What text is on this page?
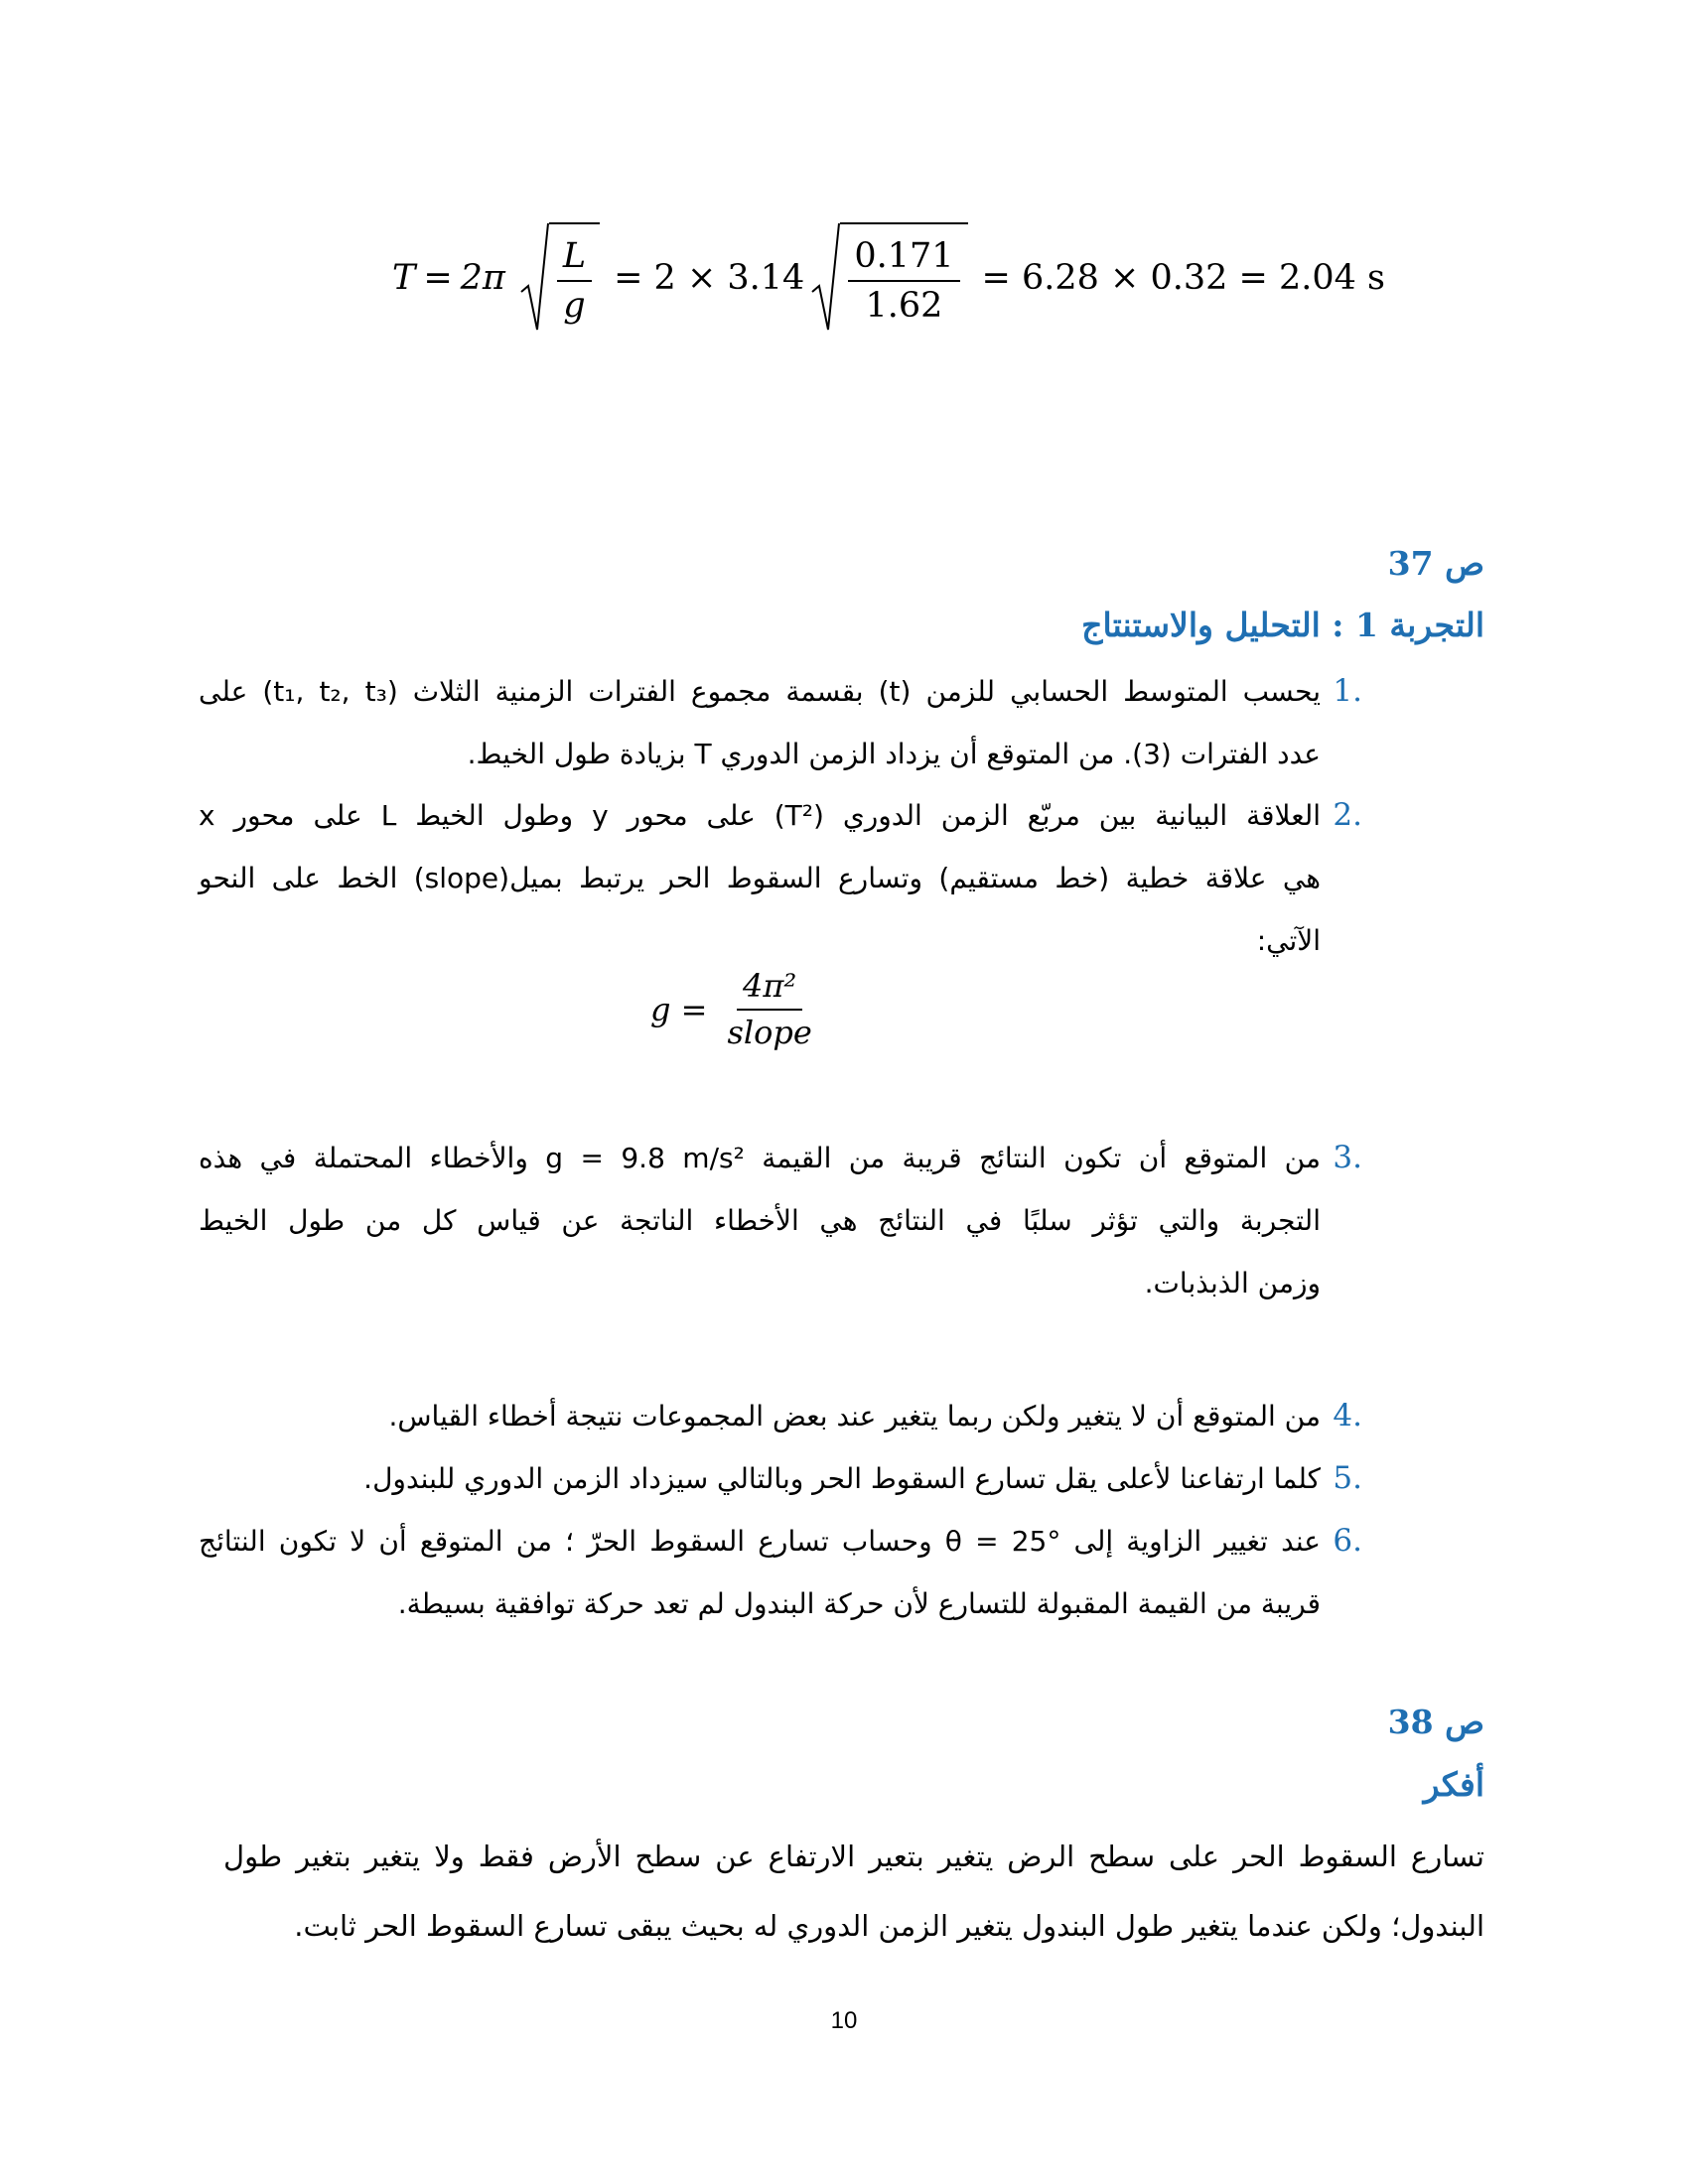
$T = 2\pi \frac{L}{g} = 2 \times 3.14 \frac{0.171}{1.62} = 6.28 \times 0.32 = 2.04$ s
ص 37
التجربة 1 : التحليل والاستنتاج
1.

يحسب المتوسط الحسابي للزمن (t) بقسمة مجموع الفترات الزمنية الثلاث (t₁, t₂, t₃) على

عدد الفترات (3). من المتوقع أن يزداد الزمن الدوري T بزيادة طول الخيط.

2.

العلاقة البيانية بين مربّع الزمن الدوري (T²) على محور y وطول الخيط L على محور x

هي علاقة خطية (خط مستقيم) وتسارع السقوط الحر يرتبط بميل(slope) الخط على النحو

الآتي:

$g = \frac{\text{4π²}}{\text{slope}}$
3.

من المتوقع أن تكون النتائج قريبة من القيمة g = 9.8 m/s² والأخطاء المحتملة في هذه

التجربة والتي تؤثر سلبًا في النتائج هي الأخطاء الناتجة عن قياس كل من طول الخيط

وزمن الذبذبات.

4.

من المتوقع أن لا يتغير ولكن ربما يتغير عند بعض المجموعات نتيجة أخطاء القياس.

5.

كلما ارتفاعنا لأعلى يقل تسارع السقوط الحر وبالتالي سيزداد الزمن الدوري للبندول.

6.

عند تغيير الزاوية إلى θ = 25° وحساب تسارع السقوط الحرّ ؛ من المتوقع أن لا تكون النتائج

قريبة من القيمة المقبولة للتسارع لأن حركة البندول لم تعد حركة توافقية بسيطة.

ص 38
أفكر

تسارع السقوط الحر على سطح الرض يتغير بتعير الارتفاع عن سطح الأرض فقط ولا يتغير بتغير طول

البندول؛ ولكن عندما يتغير طول البندول يتغير الزمن الدوري له بحيث يبقى تسارع السقوط الحر ثابت.

10
